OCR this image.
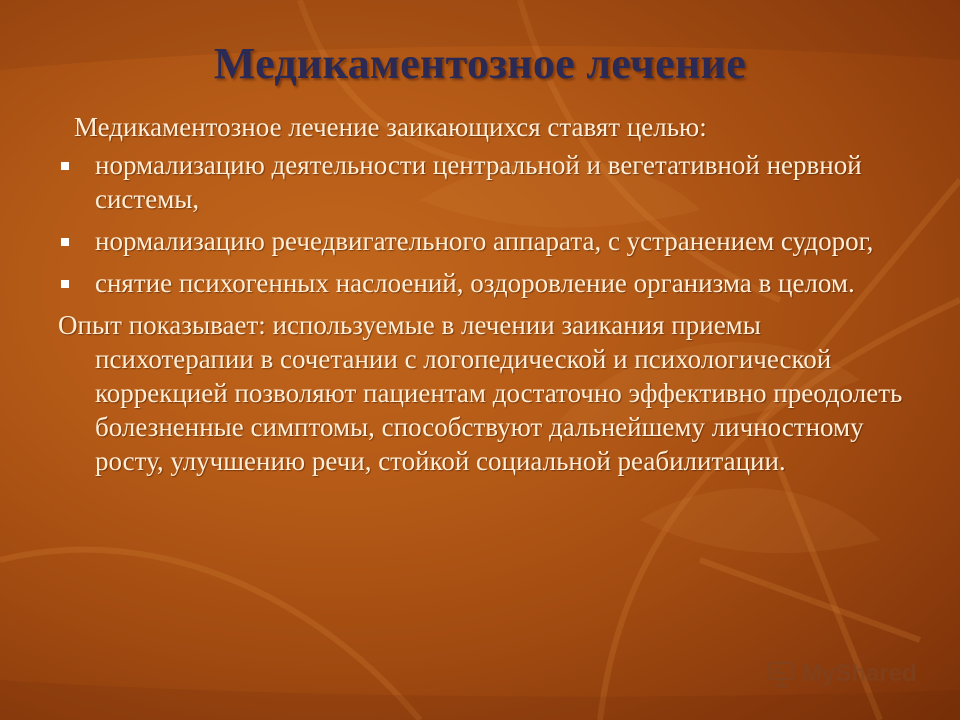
Медикаментозное лечение
Медикаментозное лечение заикающихся ставят целью:
нормализацию деятельности центральной и вегетативной нервной системы,
нормализацию речедвигательного аппарата, с устранением судорог,
снятие психогенных наслоений, оздоровление организма в целом.

Опыт показывает: используемые в лечении заикания приемы психотерапии в сочетании с логопедической и психологической коррекцией позволяют пациентам достаточно эффективно преодолеть болезненные симптомы, способствуют дальнейшему личностному росту, улучшению речи, стойкой социальной реабилитации.

MyShared
